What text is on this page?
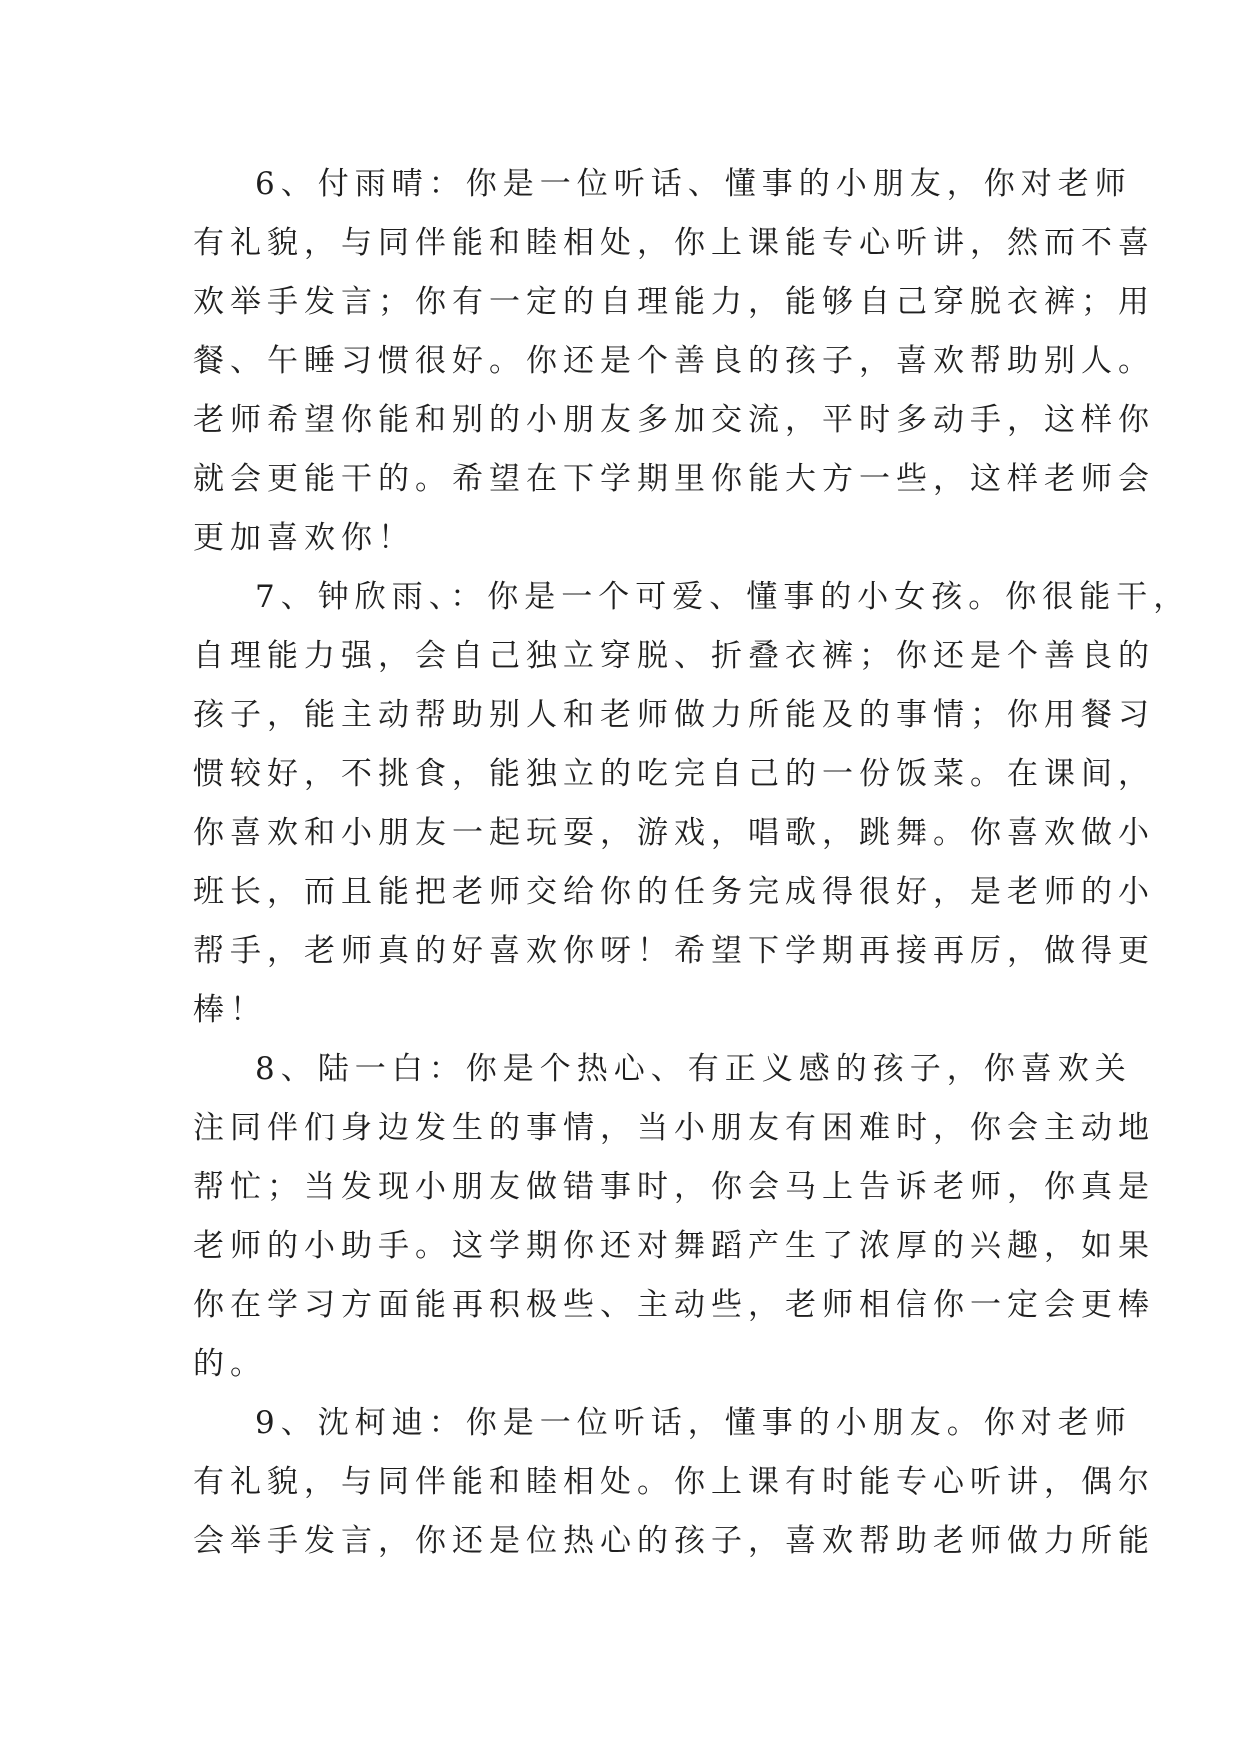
6、付雨晴：你是一位听话、懂事的小朋友，你对老师
有礼貌，与同伴能和睦相处，你上课能专心听讲，然而不喜
欢举手发言；你有一定的自理能力，能够自己穿脱衣裤；用
餐、午睡习惯很好。你还是个善良的孩子，喜欢帮助别人。
老师希望你能和别的小朋友多加交流，平时多动手，这样你
就会更能干的。希望在下学期里你能大方一些，这样老师会
更加喜欢你！
7、钟欣雨、：你是一个可爱、懂事的小女孩。你很能干，
自理能力强，会自己独立穿脱、折叠衣裤；你还是个善良的
孩子，能主动帮助别人和老师做力所能及的事情；你用餐习
惯较好，不挑食，能独立的吃完自己的一份饭菜。在课间，
你喜欢和小朋友一起玩耍，游戏，唱歌，跳舞。你喜欢做小
班长，而且能把老师交给你的任务完成得很好，是老师的小
帮手，老师真的好喜欢你呀！希望下学期再接再厉，做得更
棒！
8、陆一白：你是个热心、有正义感的孩子，你喜欢关
注同伴们身边发生的事情，当小朋友有困难时，你会主动地
帮忙；当发现小朋友做错事时，你会马上告诉老师，你真是
老师的小助手。这学期你还对舞蹈产生了浓厚的兴趣，如果
你在学习方面能再积极些、主动些，老师相信你一定会更棒
的。
9、沈柯迪：你是一位听话，懂事的小朋友。你对老师
有礼貌，与同伴能和睦相处。你上课有时能专心听讲，偶尔
会举手发言，你还是位热心的孩子，喜欢帮助老师做力所能
